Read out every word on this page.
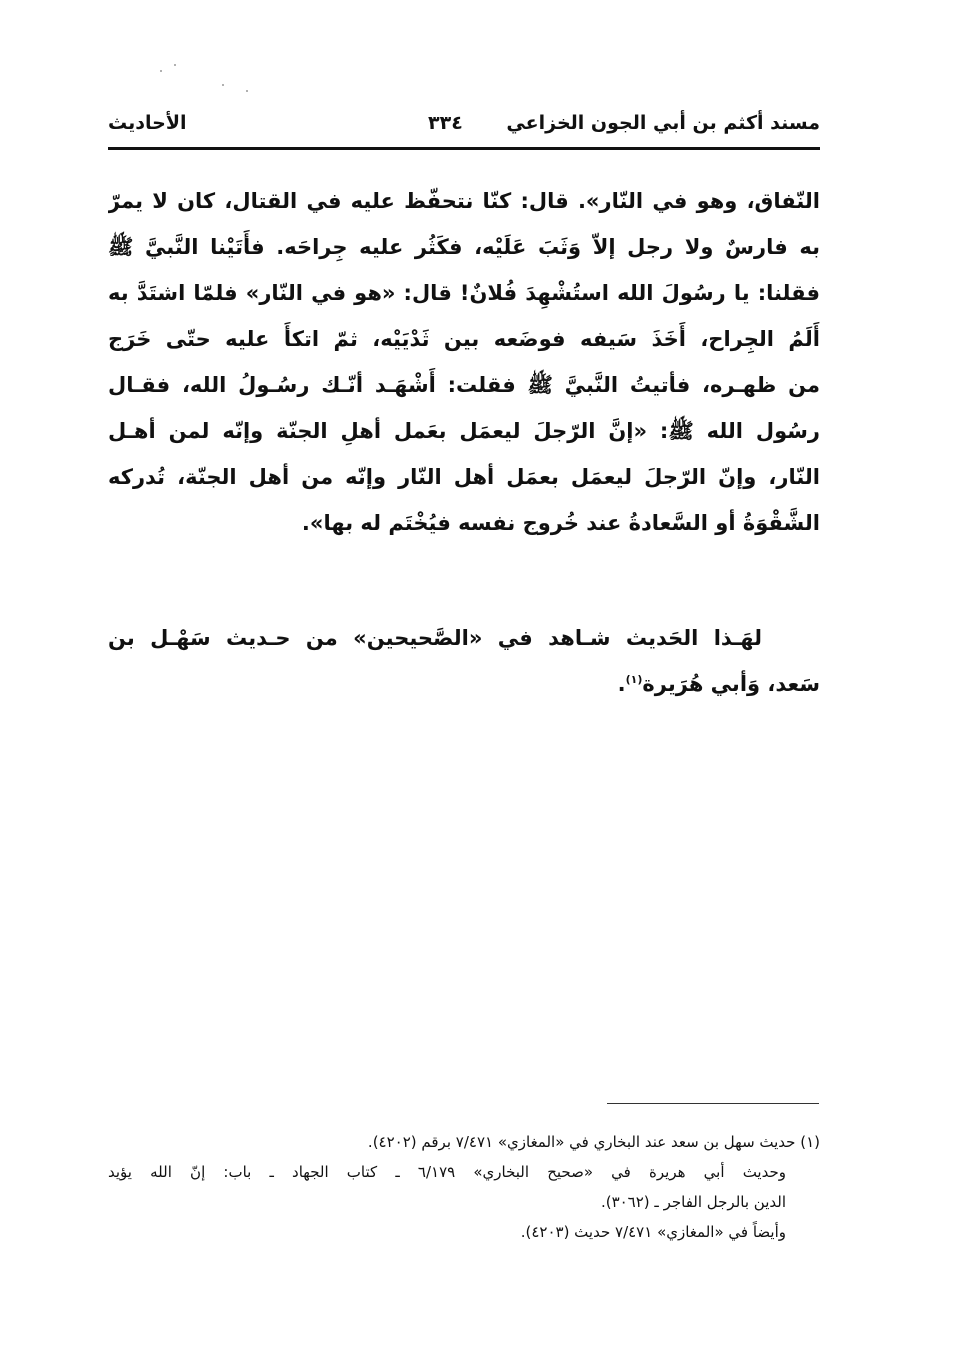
مسند أكثم بن أبي الجون الخزاعي
٣٣٤
الأحاديث
النّفاق، وهو في النّار». قال: كنّا نتحفّظ عليه في القتال، كان لا يمرّ
به فارسٌ ولا رجل إلاّ وَثَبَ عَلَيْه، فكَثُر عليه جِراحَه. فأَتَيْنا النَّبيَّ ﷺ
فقلنا: يا رسُولَ الله استُشْهِدَ فُلانٌ! قال: «هو في النّار» فلمّا اشتَدَّ به
أَلَمُ الجِراح، أَخَذَ سَيفه فوضَعه بين ثَدْيَيْه، ثمّ اتكأَ عليه حتّى خَرَج
من ظهـره، فأتيتُ النَّبيَّ ﷺ فقلت: أَشْهَـد أنّـك رسُـولُ الله، فقـال
رسُول الله ﷺ: «إنَّ الرّجلَ ليعمَل بعَمل أهلِ الجنّة وإنّه لمن أهـل
النّار، وإنّ الرّجلَ ليعمَل بعمَل أهل النّار وإنّه من أهل الجنّة، تُدركه
الشَّقْوَةُ أو السَّعادةُ عند خُروج نفسه فيُخْتَم له بها».
لهَـذا الحَديث شـاهد في «الصَّحيحين» من حـديث سَهْـل بن
سَعد، وَأبي هُرَيرة$^{(١)}$.
(١) حديث سهل بن سعد عند البخاري في «المغازي» ٧/٤٧١ برقم (٤٢٠٢).
وحديث أبي هريرة في «صحيح البخاري» ٦/١٧٩ ـ كتاب الجهاد ـ باب: إنّ الله يؤيد
الدين بالرجل الفاجر ـ (٣٠٦٢).
وأيضاً في «المغازي» ٧/٤٧١ حديث (٤٢٠٣).
